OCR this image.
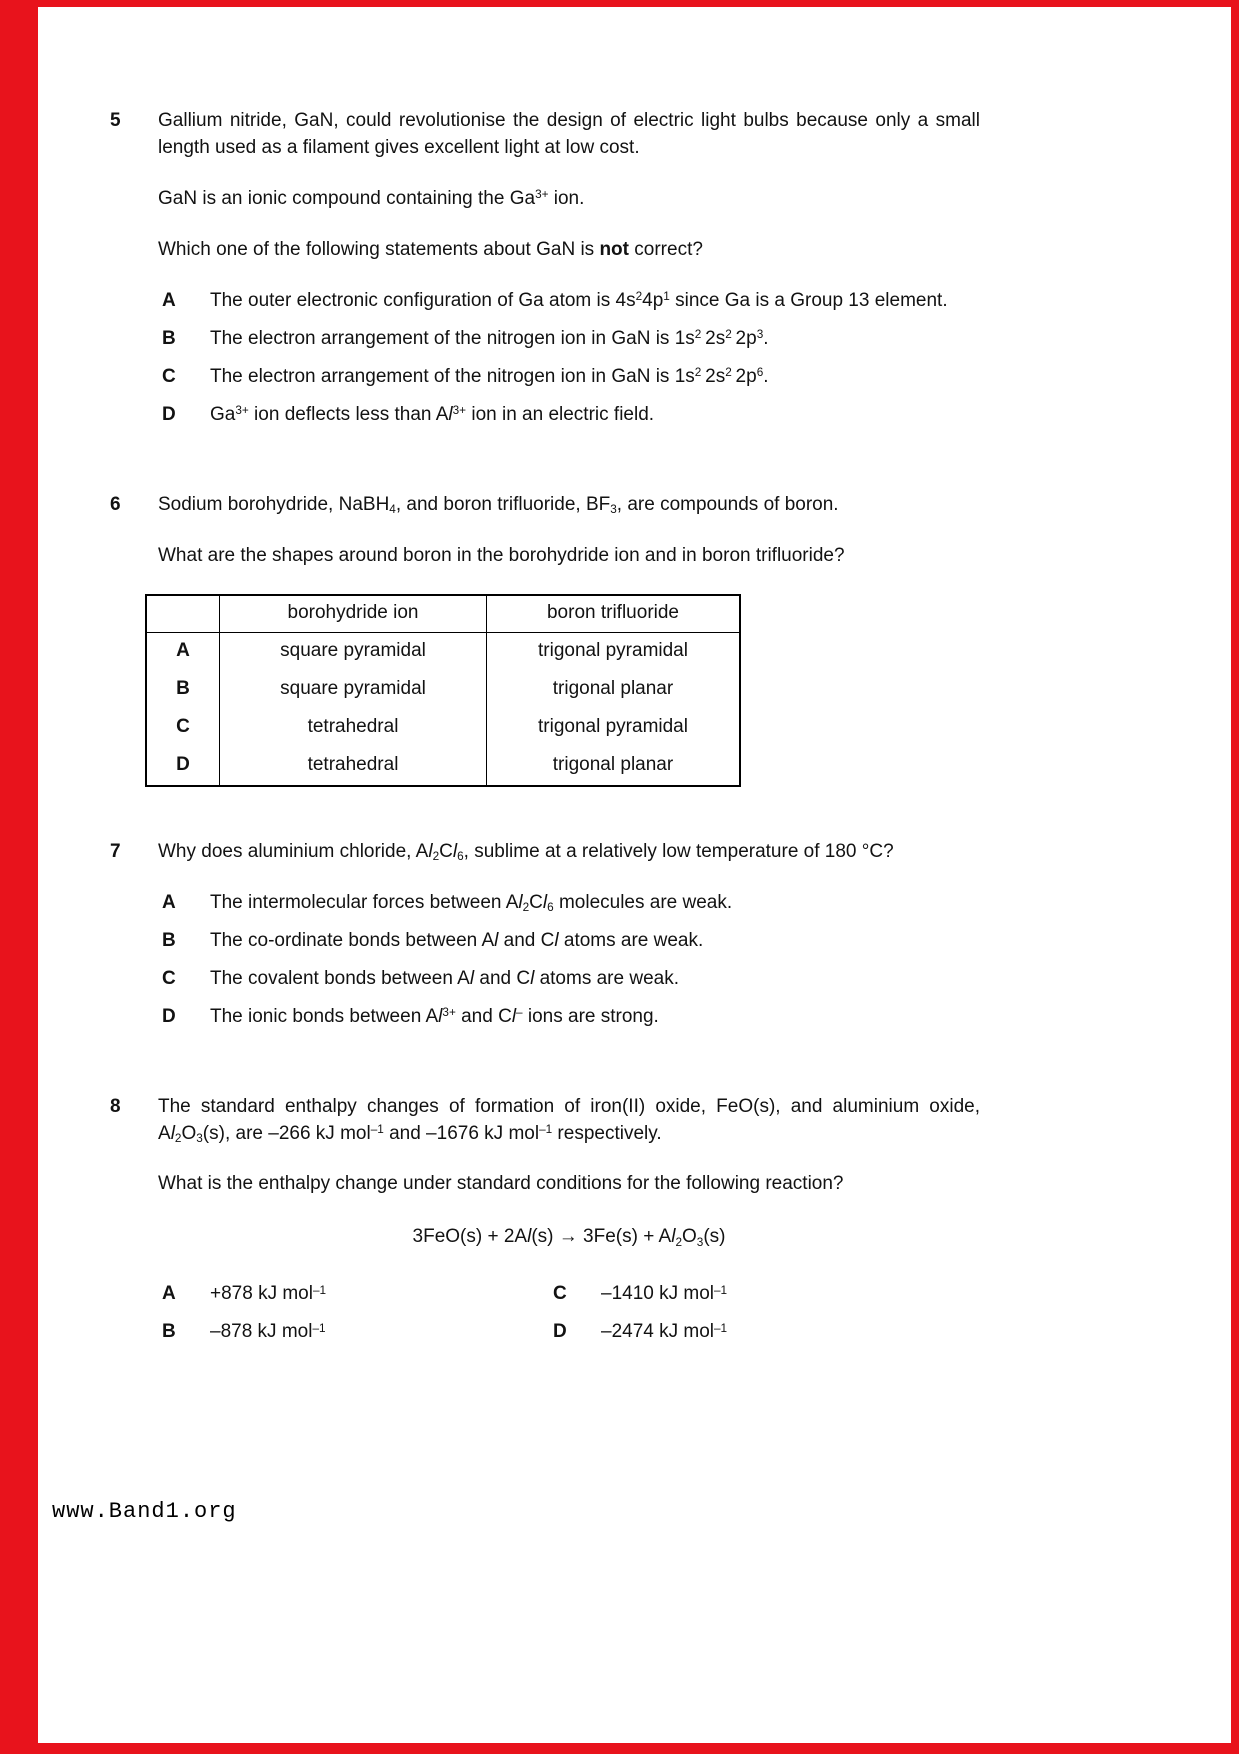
5	Gallium nitride, GaN, could revolutionise the design of electric light bulbs because only a small length used as a filament gives excellent light at low cost.

GaN is an ionic compound containing the $Ga^{3+}$ ion.

Which one of the following statements about GaN is not correct?

A	The outer electronic configuration of Ga atom is $4s^24p^1$ since Ga is a Group 13 element.
B	The electron arrangement of the nitrogen ion in GaN is $1s^2$ $2s^2$ $2p^3$.
C	The electron arrangement of the nitrogen ion in GaN is $1s^2$ $2s^2$ $2p^6$.
D	$Ga^{3+}$ ion deflects less than $Al^{3+}$ ion in an electric field.
6	Sodium borohydride, NaBH$_4$, and boron trifluoride, $BF_3$, are compounds of boron.

What are the shapes around boron in the borohydride ion and in boron trifluoride?

	borohydride ion	boron trifluoride
A	square pyramidal	trigonal pyramidal
B	square pyramidal	trigonal planar
C	tetrahedral	trigonal pyramidal
D	tetrahedral	trigonal planar
7	Why does aluminium chloride, $Al_2Cl_6$, sublime at a relatively low temperature of 180 °C?

A	The intermolecular forces between $Al_2Cl_6$ molecules are weak.
B	The co-ordinate bonds between Al and Cl atoms are weak.
C	The covalent bonds between Al and Cl atoms are weak.
D	The ionic bonds between $Al^{3+}$ and Cl– ions are strong.
8	The standard enthalpy changes of formation of iron(II) oxide, FeO(s), and aluminium oxide, $Al_2O_3(s)$, are –266 kJ mol$^{-1}$ and –1676 kJ mol$^{-1}$ respectively.

What is the enthalpy change under standard conditions for the following reaction?

$3FeO(s) + 2Al(s) \to 3Fe(s) + Al_2O_3(s)$
A	+878 kJ mol$^{-1}$	C	–1410 kJ mol$^{-1}$
B	–878 kJ mol$^{-1}$	D	–2474 kJ mol$^{-1}$
www.Band1.org
